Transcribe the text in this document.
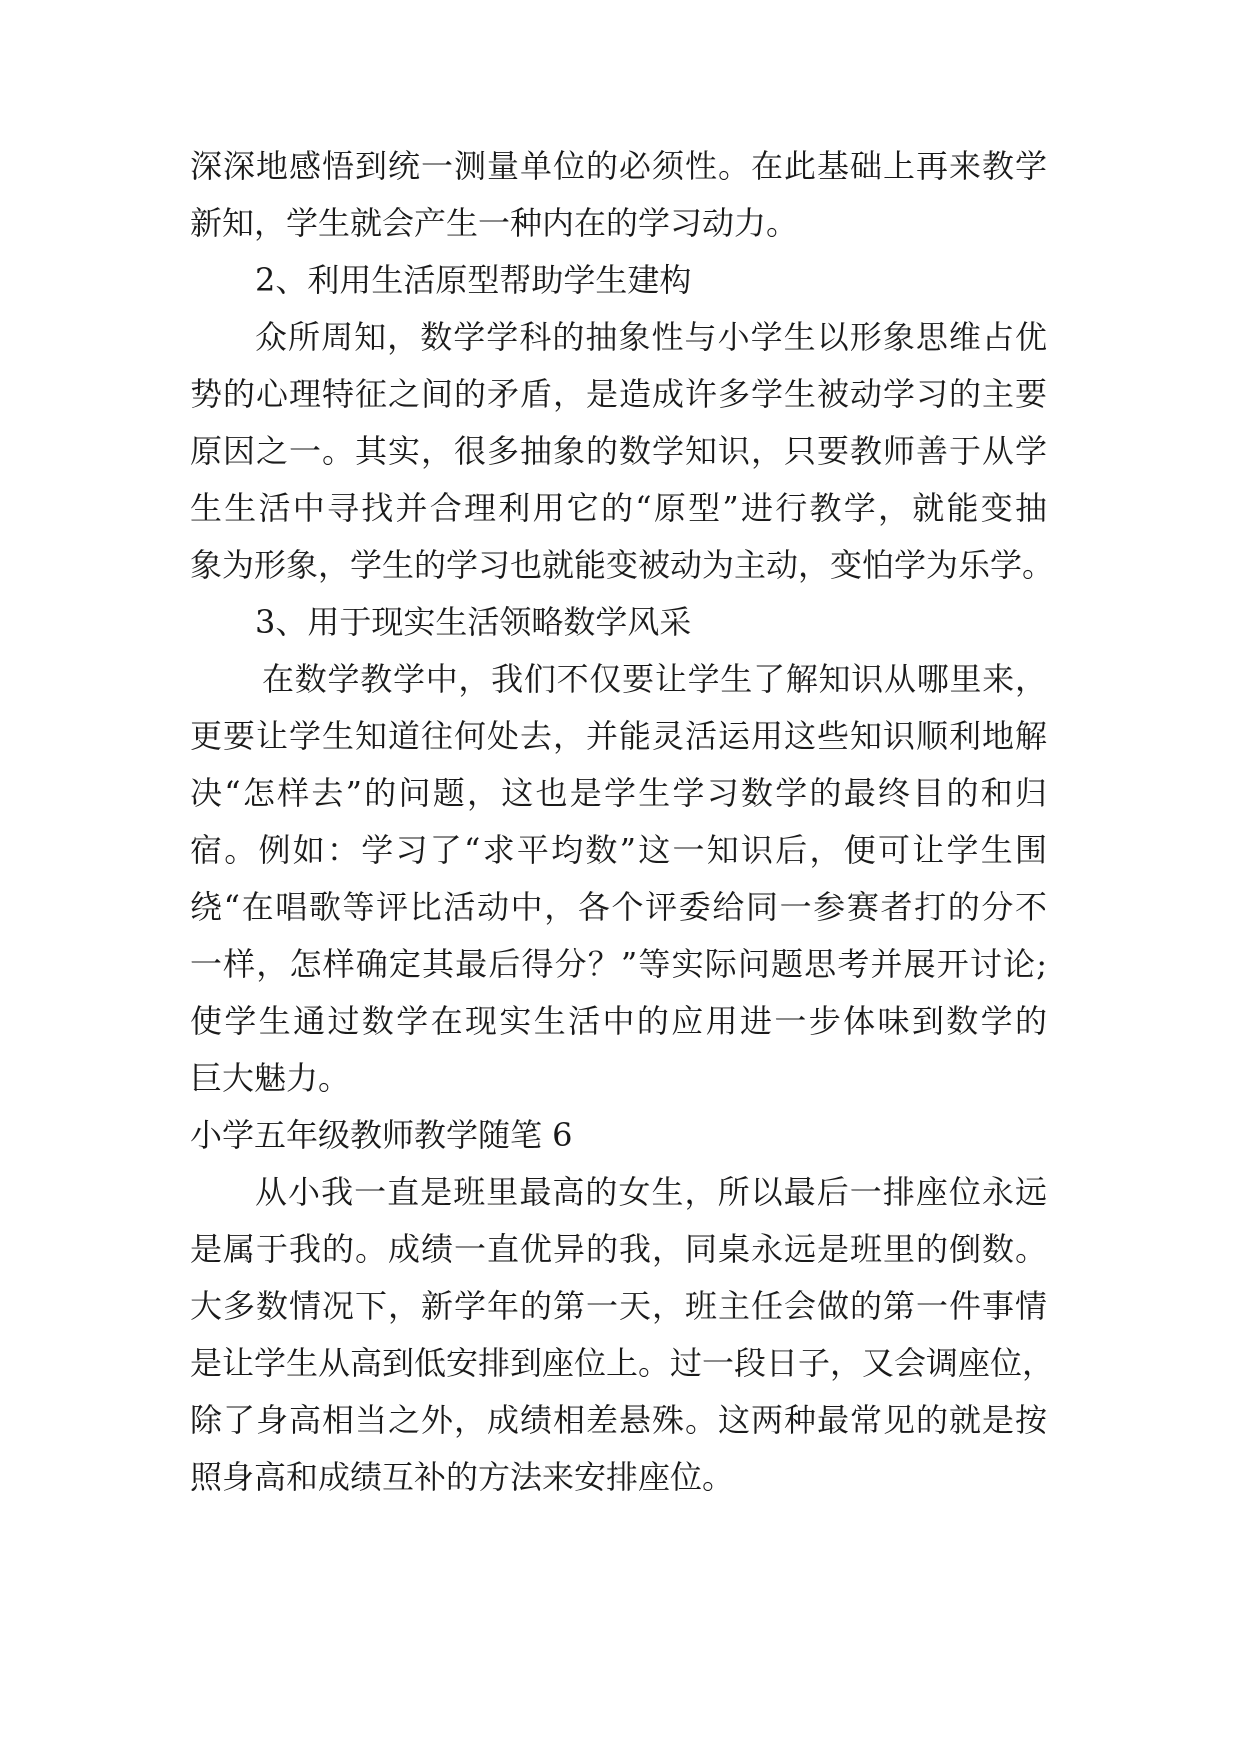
深深地感悟到统一测量单位的必须性。在此基础上再来教学
新知，学生就会产生一种内在的学习动力。
2、利用生活原型帮助学生建构
众所周知，数学学科的抽象性与小学生以形象思维占优
势的心理特征之间的矛盾，是造成许多学生被动学习的主要
原因之一。其实，很多抽象的数学知识，只要教师善于从学
生生活中寻找并合理利用它的“原型”进行教学，就能变抽
象为形象，学生的学习也就能变被动为主动，变怕学为乐学。
3、用于现实生活领略数学风采
在数学教学中，我们不仅要让学生了解知识从哪里来，
更要让学生知道往何处去，并能灵活运用这些知识顺利地解
决“怎样去”的问题，这也是学生学习数学的最终目的和归
宿。例如：学习了“求平均数”这一知识后，便可让学生围
绕“在唱歌等评比活动中，各个评委给同一参赛者打的分不
一样，怎样确定其最后得分？”等实际问题思考并展开讨论;
使学生通过数学在现实生活中的应用进一步体味到数学的
巨大魅力。
小学五年级教师教学随笔 6
从小我一直是班里最高的女生，所以最后一排座位永远
是属于我的。成绩一直优异的我，同桌永远是班里的倒数。
大多数情况下，新学年的第一天，班主任会做的第一件事情
是让学生从高到低安排到座位上。过一段日子，又会调座位，
除了身高相当之外，成绩相差悬殊。这两种最常见的就是按
照身高和成绩互补的方法来安排座位。
